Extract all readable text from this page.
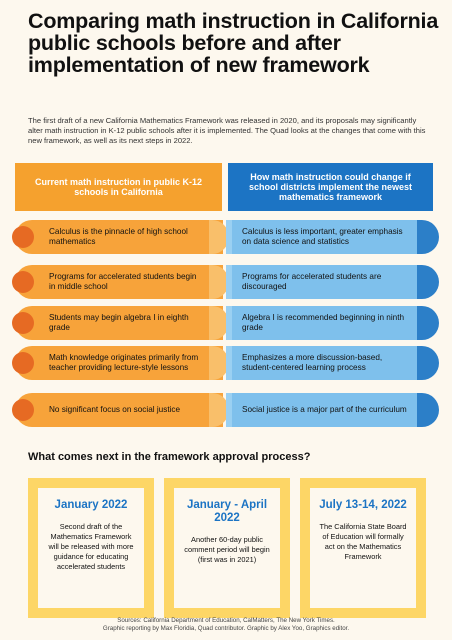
Comparing math instruction in California public schools before and after implementation of new framework
The first draft of a new California Mathematics Framework was released in 2020, and its proposals may significantly alter math instruction in K-12 public schools after it is implemented. The Quad looks at the changes that come with this new framework, as well as its next steps in 2022.
Current math instruction in public K-12 schools in California
How math instruction could change if school districts implement the newest mathematics framework
Calculus is the pinnacle of high school mathematics
Calculus is less important, greater emphasis on data science and statistics
Programs for accelerated students begin in middle school
Programs for accelerated students are discouraged
Students may begin algebra I in eighth grade
Algebra I is recommended beginning in ninth grade
Math knowledge originates primarily from teacher providing lecture-style lessons
Emphasizes a more discussion-based, student-centered learning process
No significant focus on social justice	Social justice is a major part of the curriculum
What comes next in the framework approval process?
January 2022
Second draft of the Mathematics Framework will be released with more guidance for educating accelerated students
January - April 2022
Another 60-day public comment period will begin (first was in 2021)
July 13-14, 2022
The California State Board of Education will formally act on the Mathematics Framework
Sources: California Department of Education, CalMatters, The New York Times.
Graphic reporting by Max Floridia, Quad contributor. Graphic by Alex Yoo, Graphics editor.
